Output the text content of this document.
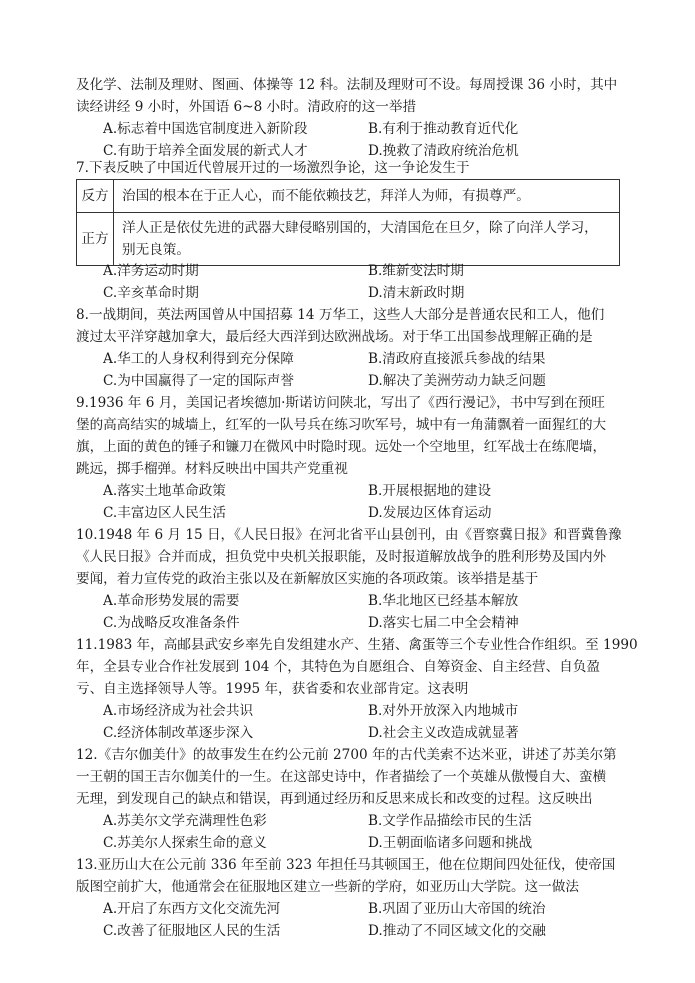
及化学、法制及理财、图画、体操等 12 科。法制及理财可不设。每周授课 36 小时，其中
读经讲经 9 小时，外国语 6~8 小时。清政府的这一举措
A.标志着中国选官制度进入新阶段	B.有利于推动教育近代化
C.有助于培养全面发展的新式人才	D.挽救了清政府统治危机
7.下表反映了中国近代曾展开过的一场激烈争论，这一争论发生于
反方	治国的根本在于正人心，而不能依赖技艺，拜洋人为师，有损尊严。
正方	洋人正是依仗先进的武器大肆侵略别国的，大清国危在旦夕，除了向洋人学习，
别无良策。
A.洋务运动时期	B.维新变法时期
C.辛亥革命时期	D.清末新政时期
8.一战期间，英法两国曾从中国招募 14 万华工，这些人大部分是普通农民和工人，他们
渡过太平洋穿越加拿大，最后经大西洋到达欧洲战场。对于华工出国参战理解正确的是
A.华工的人身权利得到充分保障	B.清政府直接派兵参战的结果
C.为中国赢得了一定的国际声誉	D.解决了美洲劳动力缺乏问题
9.1936 年 6 月，美国记者埃德加·斯诺访问陕北，写出了《西行漫记》，书中写到在预旺
堡的高高结实的城墙上，红军的一队号兵在练习吹军号，城中有一角蒲飘着一面猩红的大
旗，上面的黄色的锤子和镰刀在微风中时隐时现。远处一个空地里，红军战士在练爬墙，
跳远，掷手榴弹。材料反映出中国共产党重视
A.落实土地革命政策	B.开展根据地的建设
C.丰富边区人民生活	D.发展边区体育运动
10.1948 年 6 月 15 日，《人民日报》在河北省平山县创刊，由《晋察冀日报》和晋冀鲁豫
《人民日报》合并而成，担负党中央机关报职能，及时报道解放战争的胜利形势及国内外
要闻，着力宣传党的政治主张以及在新解放区实施的各项政策。该举措是基于
A.革命形势发展的需要	B.华北地区已经基本解放
C.为战略反攻准备条件	D.落实七届二中全会精神
11.1983 年，高邮县武安乡率先自发组建水产、生猪、禽蛋等三个专业性合作组织。至 1990
年，全县专业合作社发展到 104 个，其特色为自愿组合、自筹资金、自主经营、自负盈
亏、自主选择领导人等。1995 年，获省委和农业部肯定。这表明
A.市场经济成为社会共识	B.对外开放深入内地城市
C.经济体制改革逐步深入	D.社会主义改造成就显著
12.《吉尔伽美什》的故事发生在约公元前 2700 年的古代美索不达米亚，讲述了苏美尔第
一王朝的国王吉尔伽美什的一生。在这部史诗中，作者描绘了一个英雄从傲慢自大、蛮横
无理，到发现自己的缺点和错误，再到通过经历和反思来成长和改变的过程。这反映出
A.苏美尔文学充满理性色彩	B.文学作品描绘市民的生活
C.苏美尔人探索生命的意义	D.王朝面临诸多问题和挑战
13.亚历山大在公元前 336 年至前 323 年担任马其顿国王，他在位期间四处征伐，使帝国
版图空前扩大，他通常会在征服地区建立一些新的学府，如亚历山大学院。这一做法
A.开启了东西方文化交流先河	B.巩固了亚历山大帝国的统治
C.改善了征服地区人民的生活	D.推动了不同区域文化的交融
